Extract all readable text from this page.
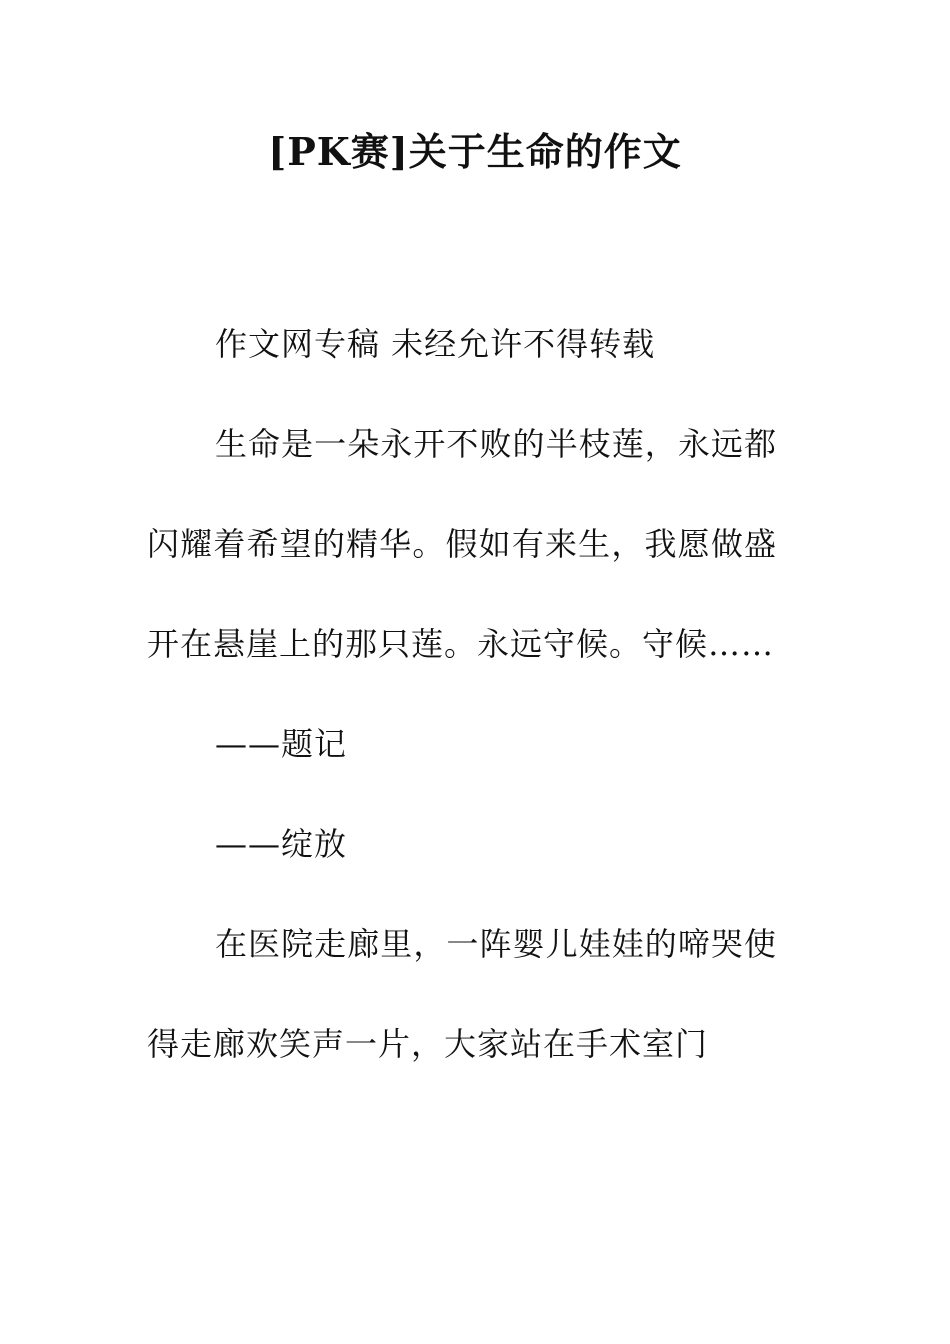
[PK赛]关于生命的作文

作文网专稿 未经允许不得转载

生命是一朵永开不败的半枝莲，永远都闪耀着希望的精华。假如有来生，我愿做盛开在悬崖上的那只莲。永远守候。守候……

——题记

——绽放

在医院走廊里，一阵婴儿娃娃的啼哭使得走廊欢笑声一片，大家站在手术室门
